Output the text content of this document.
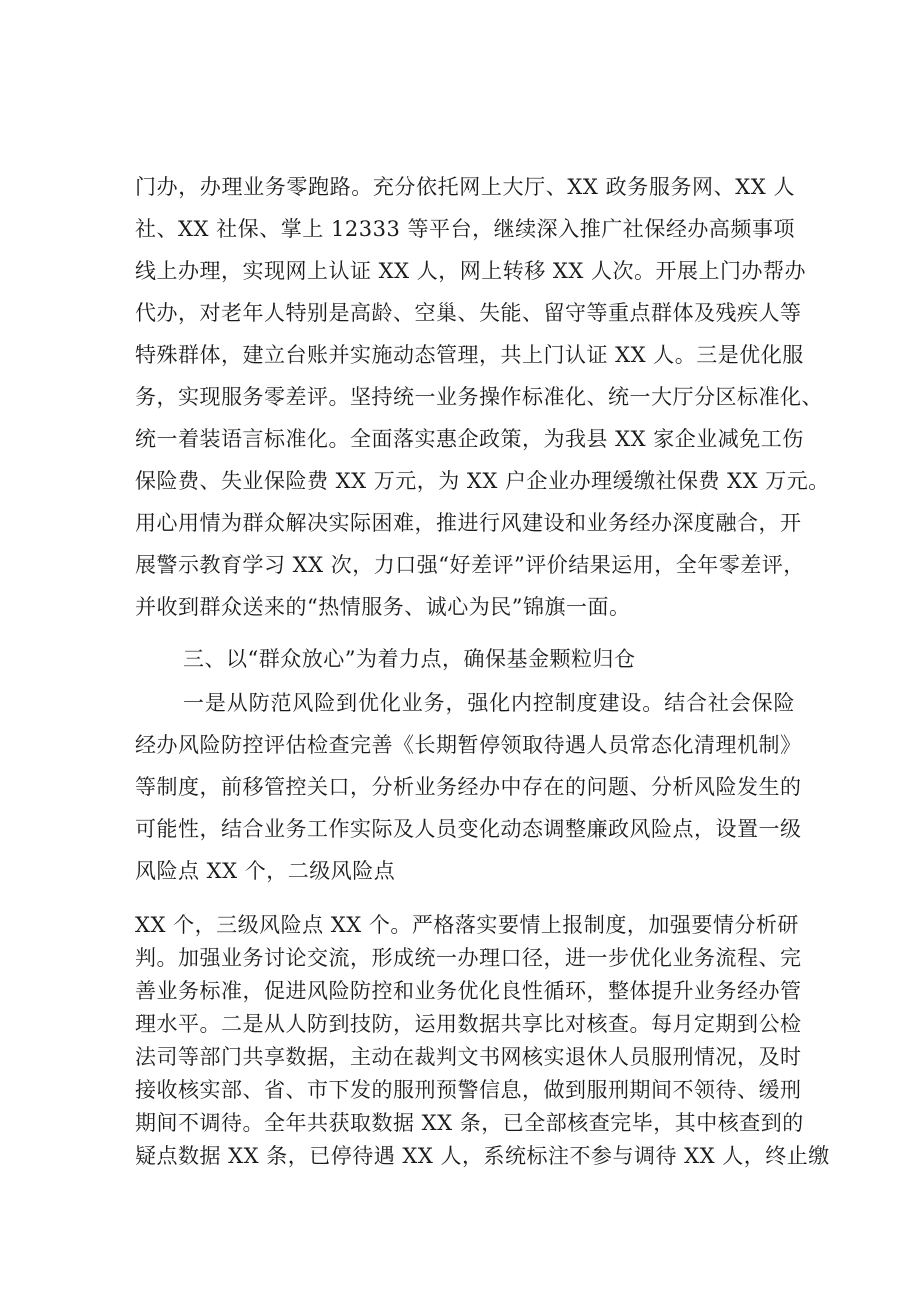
门办，办理业务零跑路。充分依托网上大厅、XX 政务服务网、XX 人
社、XX 社保、掌上 12333 等平台，继续深入推广社保经办高频事项
线上办理，实现网上认证 XX 人，网上转移 XX 人次。开展上门办帮办
代办，对老年人特别是高龄、空巢、失能、留守等重点群体及残疾人等
特殊群体，建立台账并实施动态管理，共上门认证 XX 人。三是优化服
务，实现服务零差评。坚持统一业务操作标准化、统一大厅分区标准化、
统一着装语言标准化。全面落实惠企政策，为我县 XX 家企业减免工伤
保险费、失业保险费 XX 万元，为 XX 户企业办理缓缴社保费 XX 万元。
用心用情为群众解决实际困难，推进行风建设和业务经办深度融合，开
展警示教育学习 XX 次，力口强“好差评”评价结果运用，全年零差评，
并收到群众送来的“热情服务、诚心为民”锦旗一面。
三、以“群众放心”为着力点，确保基金颗粒归仓
一是从防范风险到优化业务，强化内控制度建设。结合社会保险
经办风险防控评估检查完善《长期暂停领取待遇人员常态化清理机制》
等制度，前移管控关口，分析业务经办中存在的问题、分析风险发生的
可能性，结合业务工作实际及人员变化动态调整廉政风险点，设置一级
风险点 XX 个，二级风险点
XX 个，三级风险点 XX 个。严格落实要情上报制度，加强要情分析研
判。加强业务讨论交流，形成统一办理口径，进一步优化业务流程、完
善业务标准，促进风险防控和业务优化良性循环，整体提升业务经办管
理水平。二是从人防到技防，运用数据共享比对核查。每月定期到公检
法司等部门共享数据，主动在裁判文书网核实退休人员服刑情况，及时
接收核实部、省、市下发的服刑预警信息，做到服刑期间不领待、缓刑
期间不调待。全年共获取数据 XX 条，已全部核查完毕，其中核查到的
疑点数据 XX 条，已停待遇 XX 人，系统标注不参与调待 XX 人，终止缴
